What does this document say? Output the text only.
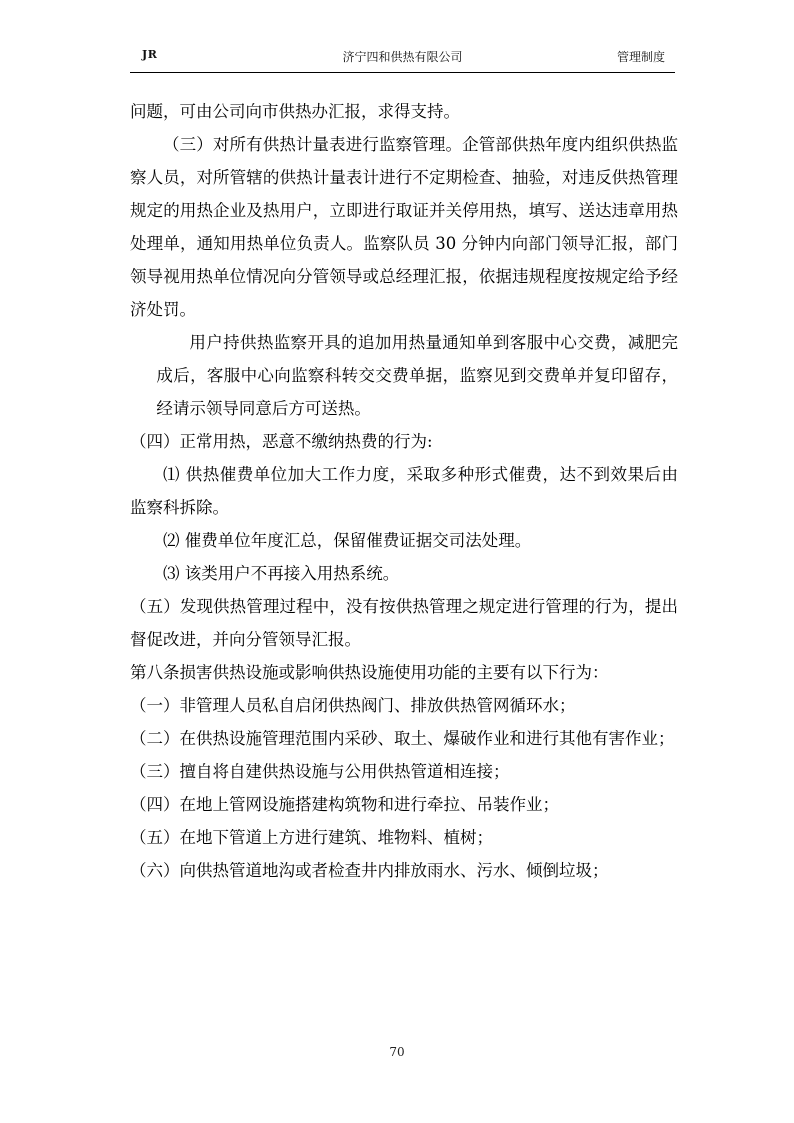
JR	济宁四和供热有限公司	管理制度

问题，可由公司向市供热办汇报，求得支持。

（三）对所有供热计量表进行监察管理。企管部供热年度内组织供热监察人员，对所管辖的供热计量表计进行不定期检查、抽验，对违反供热管理规定的用热企业及热用户，立即进行取证并关停用热，填写、送达违章用热处理单，通知用热单位负责人。监察队员 30 分钟内向部门领导汇报，部门领导视用热单位情况向分管领导或总经理汇报，依据违规程度按规定给予经济处罚。

用户持供热监察开具的追加用热量通知单到客服中心交费，减肥完成后，客服中心向监察科转交交费单据，监察见到交费单并复印留存，经请示领导同意后方可送热。

（四）正常用热，恶意不缴纳热费的行为:

⑴ 供热催费单位加大工作力度，采取多种形式催费，达不到效果后由监察科拆除。

⑵ 催费单位年度汇总，保留催费证据交司法处理。

⑶ 该类用户不再接入用热系统。

（五）发现供热管理过程中，没有按供热管理之规定进行管理的行为，提出督促改进，并向分管领导汇报。

第八条损害供热设施或影响供热设施使用功能的主要有以下行为：

（一）非管理人员私自启闭供热阀门、排放供热管网循环水；

（二）在供热设施管理范围内采砂、取土、爆破作业和进行其他有害作业；

（三）擅自将自建供热设施与公用供热管道相连接；

（四）在地上管网设施搭建构筑物和进行牵拉、吊装作业；

（五）在地下管道上方进行建筑、堆物料、植树；

（六）向供热管道地沟或者检查井内排放雨水、污水、倾倒垃圾；

70
